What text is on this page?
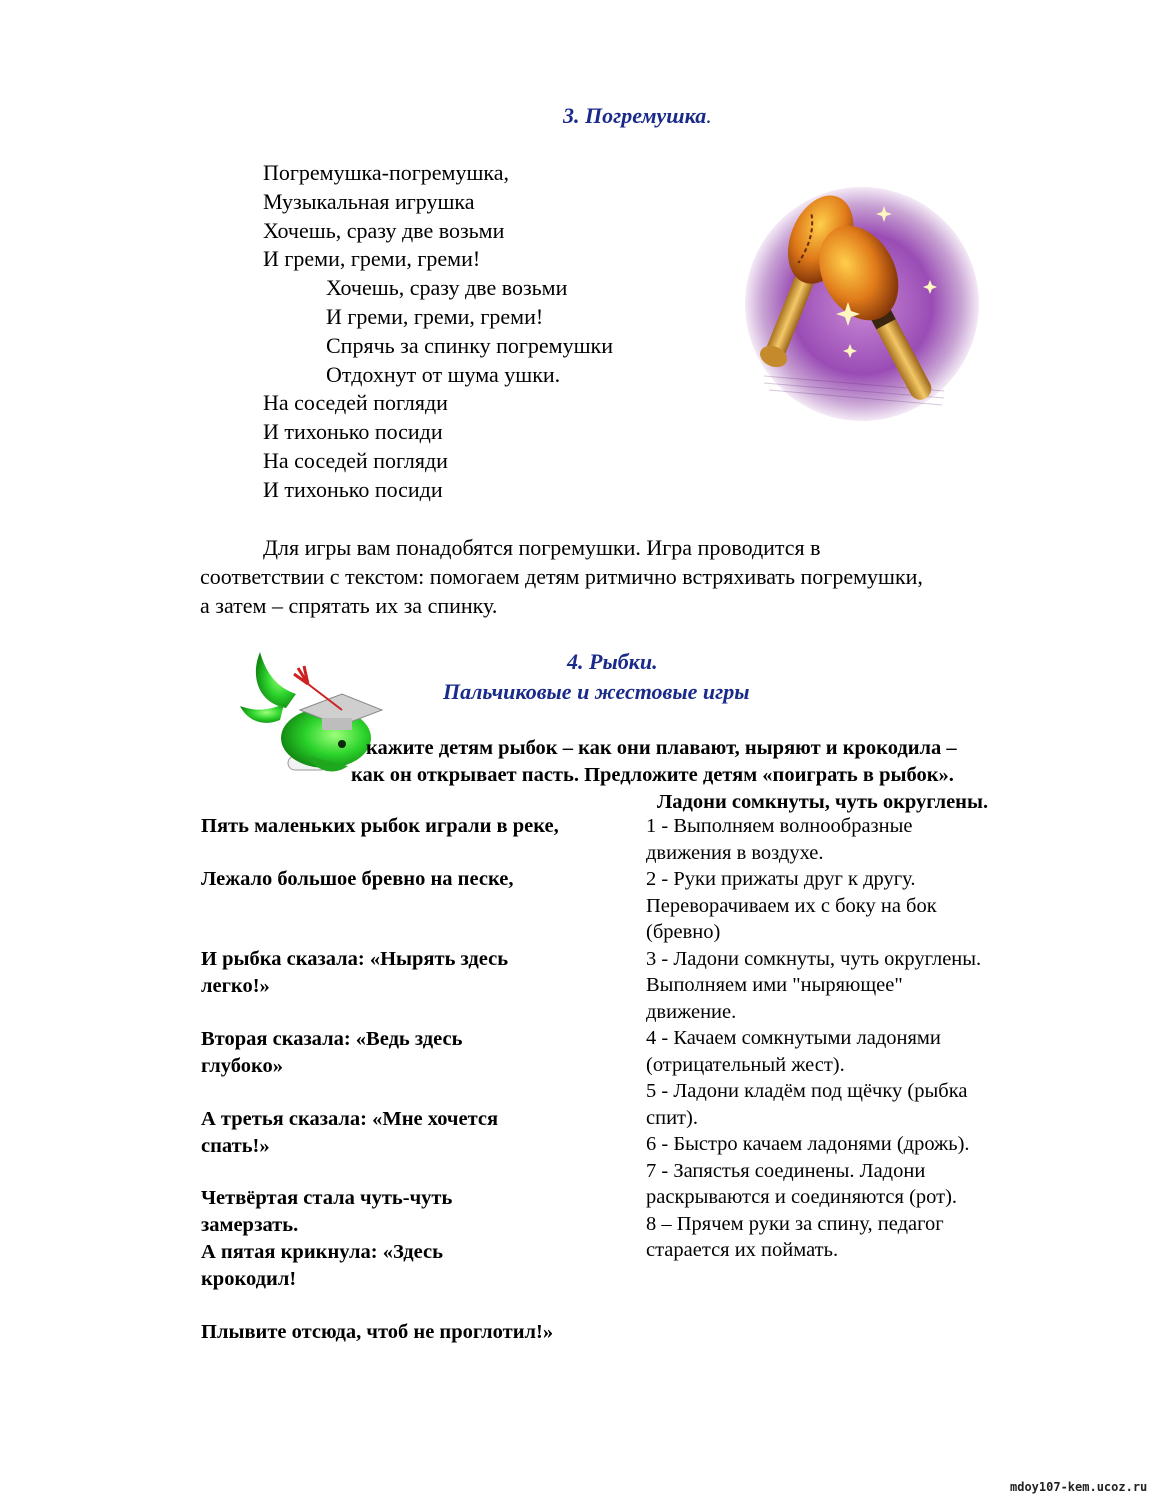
3. Погремушка.
Погремушка-погремушка,
Музыкальная игрушка
Хочешь, сразу две возьми
И греми, греми, греми!
Хочешь, сразу две возьми
И греми, греми, греми!
Спрячь за спинку погремушки
Отдохнут от шума ушки.
На соседей погляди
И тихонько посиди
На соседей погляди
И тихонько посиди
Для игры вам понадобятся погремушки. Игра проводится в
соответствии с текстом: помогаем детям ритмично встряхивать погремушки,
а затем – спрятать их за спинку.
4. Рыбки.
Пальчиковые и жестовые игры
кажите детям рыбок – как они плавают, ныряют и крокодила –
как он открывает пасть. Предложите детям «поиграть в рыбок».
Ладони сомкнуты, чуть округлены.
Пять маленьких рыбок играли в реке,
Лежало большое бревно на песке,
И рыбка сказала: «Нырять здесь
легко!»
Вторая сказала: «Ведь здесь
глубоко»
А третья сказала: «Мне хочется
спать!»
Четвёртая стала чуть-чуть
замерзать.
А пятая крикнула: «Здесь
крокодил!
Плывите отсюда, чтоб не проглотил!»
1 - Выполняем волнообразные
движения в воздухе.
2 - Руки прижаты друг к другу.
Переворачиваем их с боку на бок
(бревно)
3 - Ладони сомкнуты, чуть округлены.
Выполняем ими "ныряющее"
движение.
4 - Качаем сомкнутыми ладонями
(отрицательный жест).
5 - Ладони кладём под щёчку (рыбка
спит).
6 - Быстро качаем ладонями (дрожь).
7 - Запястья соединены. Ладони
раскрываются и соединяются (рот).
8 – Прячем руки за спину, педагог
старается их поймать.
mdoy107-kem.ucoz.ru
